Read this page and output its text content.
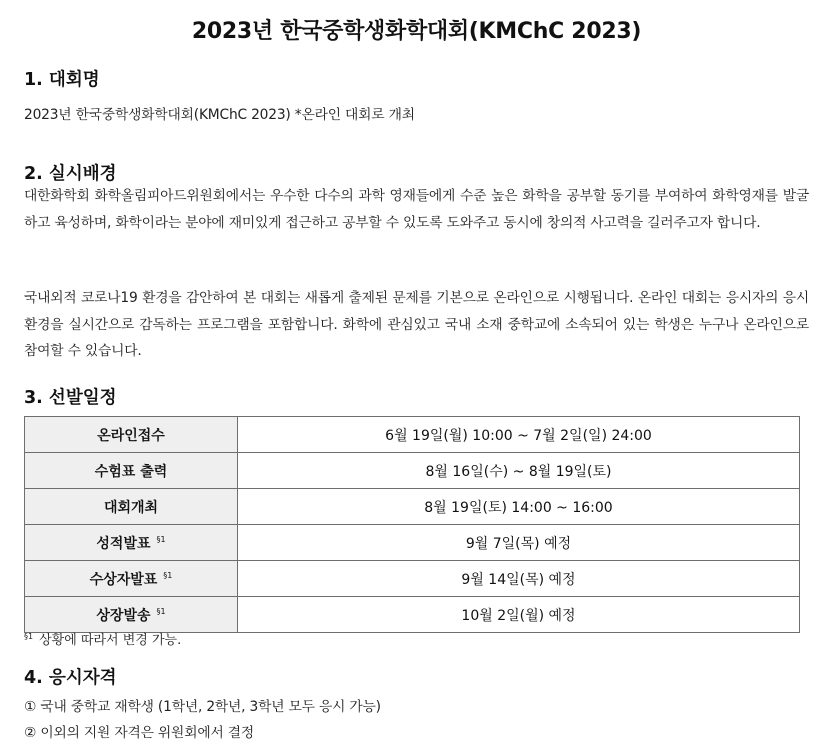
2023년 한국중학생화학대회(KMChC 2023)
1. 대회명
2023년 한국중학생화학대회(KMChC 2023) *온라인 대회로 개최
2. 실시배경
대한화학회 화학올림피아드위원회에서는 우수한 다수의 과학 영재들에게 수준 높은 화학을 공부할 동기를 부여하여 화학영재를 발굴하고 육성하며, 화학이라는 분야에 재미있게 접근하고 공부할 수 있도록 도와주고 동시에 창의적 사고력을 길러주고자 합니다.
국내외적 코로나19 환경을 감안하여 본 대회는 새롭게 출제된 문제를 기본으로 온라인으로 시행됩니다. 온라인 대회는 응시자의 응시 환경을 실시간으로 감독하는 프로그램을 포함합니다. 화학에 관심있고 국내 소재 중학교에 소속되어 있는 학생은 누구나 온라인으로 참여할 수 있습니다.
3. 선발일정
온라인접수	6월 19일(월) 10:00 ~ 7월 2일(일) 24:00
수험표 출력	8월 16일(수) ~ 8월 19일(토)
대회개최	8월 19일(토) 14:00 ~ 16:00
성적발표 $^{\S 1}$	9월 7일(목) 예정
수상자발표 $^{\S 1}$	9월 14일(목) 예정
상장발송 $^{\S 1}$	10월 2일(월) 예정
$^{\S 1}$ 상황에 따라서 변경 가능.
4. 응시자격
① 국내 중학교 재학생 (1학년, 2학년, 3학년 모두 응시 가능)
② 이외의 지원 자격은 위원회에서 결정
